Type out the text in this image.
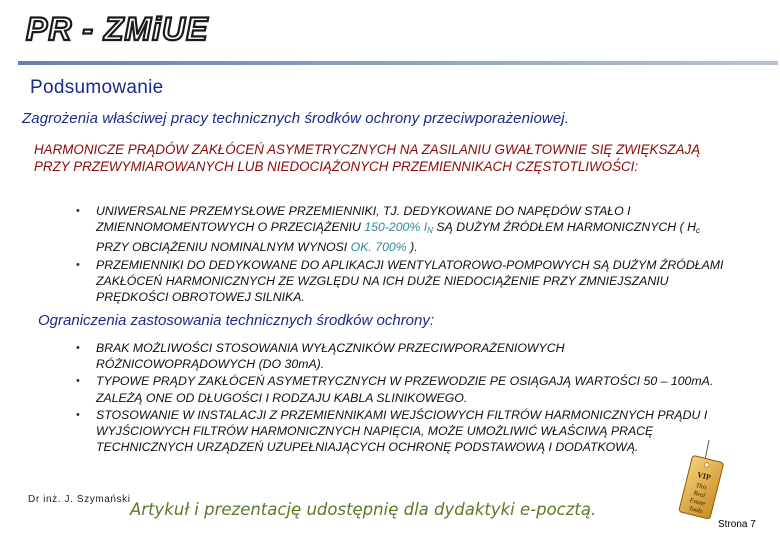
PR - ZMiUE
Podsumowanie
Zagrożenia właściwej pracy technicznych środków ochrony przeciwporażeniowej.
HARMONICZE PRĄDÓW ZAKŁÓCEŃ ASYMETRYCZNYCH NA ZASILANIU GWAŁTOWNIE SIĘ ZWIĘKSZAJĄ PRZY PRZEWYMIAROWANYCH LUB NIEDOCIĄŻONYCH PRZEMIENNIKACH CZĘSTOTLIWOŚCI:
• UNIWERSALNE PRZEMYSŁOWE PRZEMIENNIKI, TJ. DEDYKOWANE DO NAPĘDÓW STAŁO I ZMIENNOMOMENTOWYCH O PRZECIĄŻENIU 150-200% IN SĄ DUŻYM ŹRÓDŁEM HARMONICZNYCH ( Hc PRZY OBCIĄŻENIU NOMINALNYM WYNOSI OK. 700% ).
• PRZEMIENNIKI DO DEDYKOWANE DO APLIKACJI WENTYLATOROWO-POMPOWYCH SĄ DUŻYM ŹRÓDŁAMI ZAKŁÓCEŃ HARMONICZNYCH ZE WZGLĘDU NA ICH DUŻE NIEDOCIĄŻENIE PRZY ZMNIEJSZANIU PRĘDKOŚCI OBROTOWEJ SILNIKA.
Ograniczenia zastosowania technicznych środków ochrony:
• BRAK MOŻLIWOŚCI STOSOWANIA WYŁĄCZNIKÓW PRZECIWPORAŻENIOWYCH RÓŻNICOWOPRĄDOWYCH (DO 30mA).
• TYPOWE PRĄDY ZAKŁÓCEŃ ASYMETRYCZNYCH W PRZEWODZIE PE OSIĄGAJĄ WARTOŚCI 50 – 100mA. ZALEŻĄ ONE OD DŁUGOŚCI I RODZAJU KABLA SLINIKOWEGO.
• STOSOWANIE W INSTALACJI Z PRZEMIENNIKAMI WEJŚCIOWYCH FILTRÓW HARMONICZNYCH PRĄDU I WYJŚCIOWYCH FILTRÓW HARMONICZNYCH NAPIĘCIA, MOŻE UMOŻLIWIĆ WŁAŚCIWĄ PRACĘ TECHNICZNYCH URZĄDZEŃ UZUPEŁNIAJĄCYCH OCHRONĘ PODSTAWOWĄ I DODATKOWĄ.
VIP
This
Real
Estate
Tools
Dr inż. J. Szymański
Artykuł i prezentację udostępnię dla dydaktyki e-pocztą.
Strona 7
